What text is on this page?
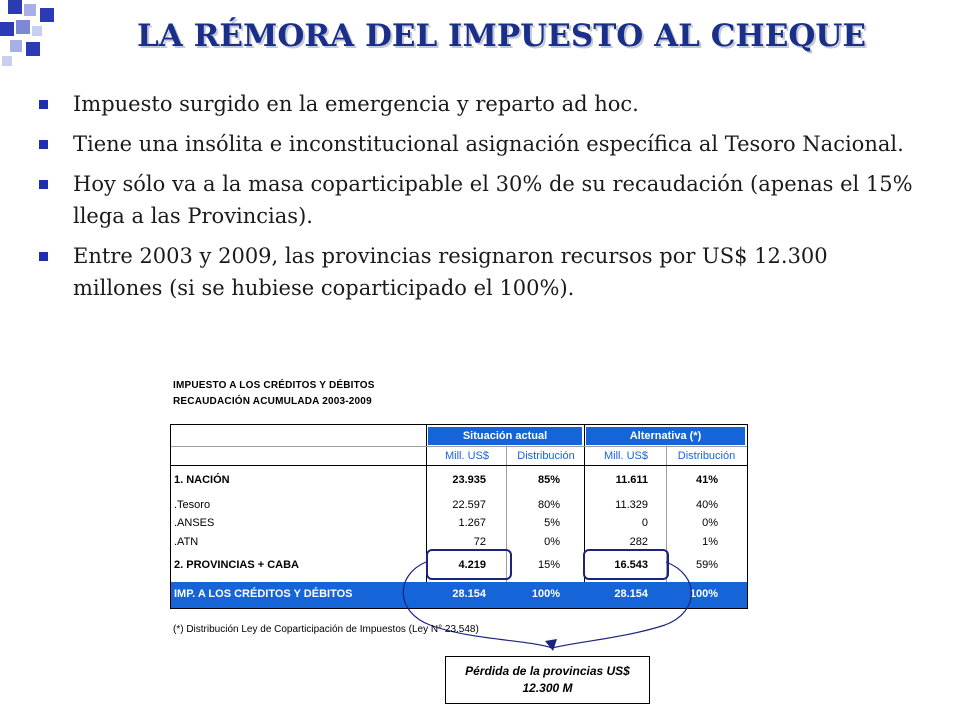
LA RÉMORA DEL IMPUESTO AL CHEQUE
Impuesto surgido en la emergencia y reparto ad hoc.
Tiene una insólita e inconstitucional asignación específica al Tesoro Nacional.
Hoy sólo va a la masa coparticipable el 30% de su recaudación (apenas el 15% llega a las Provincias).
Entre 2003 y 2009, las provincias resignaron recursos por US$ 12.300 millones (si se hubiese coparticipado el 100%).
IMPUESTO A LOS CRÉDITOS Y DÉBITOS
RECAUDACIÓN ACUMULADA 2003-2009
Situación actual	Alternativa (*)
Mill. US$	Distribución	Mill. US$	Distribución
1. NACIÓN	23.935	85%	11.611	41%
.Tesoro	22.597	80%	11.329	40%
.ANSES	1.267	5%	0	0%
.ATN	72	0%	282	1%
2. PROVINCIAS + CABA	4.219	15%	16.543	59%
IMP. A LOS CRÉDITOS Y DÉBITOS	28.154	100%	28.154	100%
(*) Distribución Ley de Coparticipación de Impuestos (Ley N° 23.548)
Pérdida de la provincias US$
12.300 M
